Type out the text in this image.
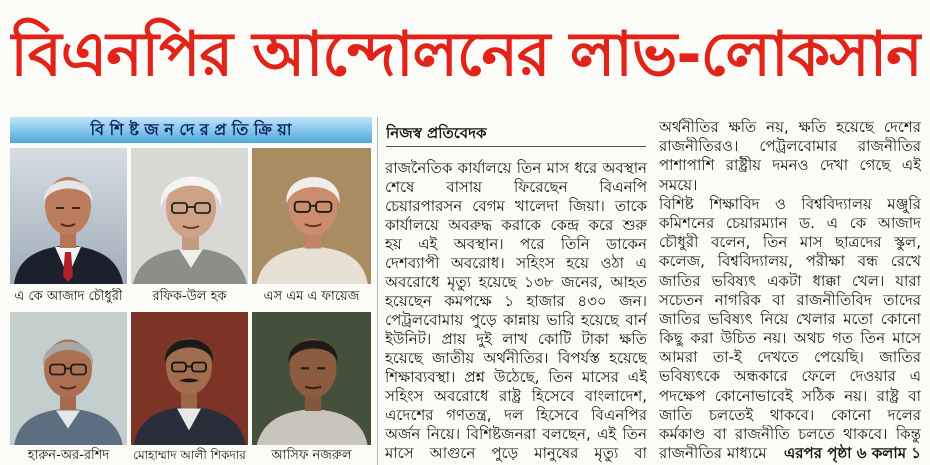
বিএনপির আন্দোলনের লাভ-লোকসান
বি শি ষ্ট জ ন দে র প্র তি ক্রি য়া
এ কে আজাদ চৌধুরী	রফিক-উল হক	এস এম এ ফায়েজ
হারুন-অর-রশিদ	মোহাম্মাদ আলী শিকদার	আসিফ নজরুল
নিজস্ব প্রতিবেদক
রাজনৈতিক কার্যালয়ে তিন মাস ধরে অবস্থান
শেষে বাসায় ফিরেছেন বিএনপি
চেয়ারপারসন বেগম খালেদা জিয়া। তাকে
কার্যালয়ে অবরুদ্ধ করাকে কেন্দ্র করে শুরু
হয় এই অবস্থান। পরে তিনি ডাকেন
দেশব্যাপী অবরোধ। সহিংস হয়ে ওঠা এ
অবরোধে মৃত্যু হয়েছে ১৩৮ জনের, আহত
হয়েছেন কমপক্ষে ১ হাজার ৪৩০ জন।
পেট্রলবোমায় পুড়ে কান্নায় ভারি হয়েছে বার্ন
ইউনিট। প্রায় দুই লাখ কোটি টাকা ক্ষতি
হয়েছে জাতীয় অর্থনীতির। বিপর্যস্ত হয়েছে
শিক্ষাব্যবস্থা। প্রশ্ন উঠেছে, তিন মাসের এই
সহিংস অবরোধে রাষ্ট্র হিসেবে বাংলাদেশ,
এদেশের গণতন্ত্র, দল হিসেবে বিএনপির
অর্জন নিয়ে। বিশিষ্টজনরা বলছেন, এই তিন
মাসে আগুনে পুড়ে মানুষের মৃত্যু বা
অর্থনীতির ক্ষতি নয়, ক্ষতি হয়েছে দেশের
রাজনীতিরও। পেট্রলবোমার রাজনীতির
পাশাপাশি রাষ্ট্রীয় দমনও দেখা গেছে এই
সময়ে।
বিশিষ্ট শিক্ষাবিদ ও বিশ্ববিদ্যালয় মঞ্জুরি
কমিশনের চেয়ারম্যান ড. এ কে আজাদ
চৌধুরী বলেন, তিন মাস ছাত্রদের স্কুল,
কলেজ, বিশ্ববিদ্যালয়, পরীক্ষা বন্ধ রেখে
জাতির ভবিষ্যৎ একটা ধাক্কা খেল। যারা
সচেতন নাগরিক বা রাজনীতিবিদ তাদের
জাতির ভবিষ্যৎ নিয়ে খেলার মতো কোনো
কিছু করা উচিত নয়। অথচ গত তিন মাসে
আমরা তা-ই দেখতে পেয়েছি। জাতির
ভবিষ্যৎকে অন্ধকারে ফেলে দেওয়ার এ
পদক্ষেপ কোনোভাবেই সঠিক নয়। রাষ্ট্র বা
জাতি চলতেই থাকবে। কোনো দলের
কর্মকাণ্ড বা রাজনীতি চলতে থাকবে। কিন্তু
রাজনীতির মাধ্যমে এরপর পৃষ্ঠা ৬ কলাম ১
